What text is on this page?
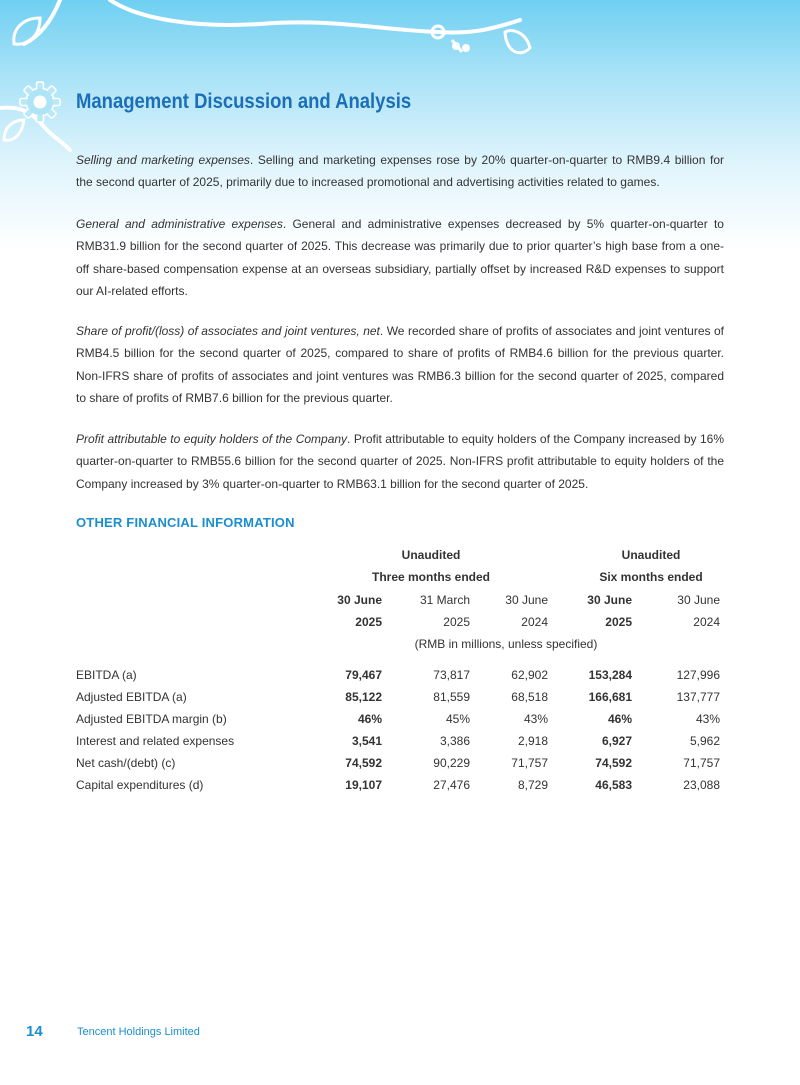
Management Discussion and Analysis

Selling and marketing expenses. Selling and marketing expenses rose by 20% quarter-on-quarter to RMB9.4 billion for the second quarter of 2025, primarily due to increased promotional and advertising activities related to games.

General and administrative expenses. General and administrative expenses decreased by 5% quarter-on-quarter to RMB31.9 billion for the second quarter of 2025. This decrease was primarily due to prior quarter’s high base from a one-off share-based compensation expense at an overseas subsidiary, partially offset by increased R&D expenses to support our AI-related efforts.

Share of profit/(loss) of associates and joint ventures, net. We recorded share of profits of associates and joint ventures of RMB4.5 billion for the second quarter of 2025, compared to share of profits of RMB4.6 billion for the previous quarter. Non-IFRS share of profits of associates and joint ventures was RMB6.3 billion for the second quarter of 2025, compared to share of profits of RMB7.6 billion for the previous quarter.

Profit attributable to equity holders of the Company. Profit attributable to equity holders of the Company increased by 16% quarter-on-quarter to RMB55.6 billion for the second quarter of 2025. Non-IFRS profit attributable to equity holders of the Company increased by 3% quarter-on-quarter to RMB63.1 billion for the second quarter of 2025.

OTHER FINANCIAL INFORMATION
Unaudited	Unaudited
Three months ended	Six months ended
30 June	31 March	30 June	30 June	30 June
2025	2025	2024	2025	2024
(RMB in millions, unless specified)
EBITDA (a)	79,467	73,817	62,902	153,284	127,996
Adjusted EBITDA (a)	85,122	81,559	68,518	166,681	137,777
Adjusted EBITDA margin (b)	46%	45%	43%	46%	43%
Interest and related expenses	3,541	3,386	2,918	6,927	5,962
Net cash/(debt) (c)	74,592	90,229	71,757	74,592	71,757
Capital expenditures (d)	19,107	27,476	8,729	46,583	23,088
14	Tencent Holdings Limited
